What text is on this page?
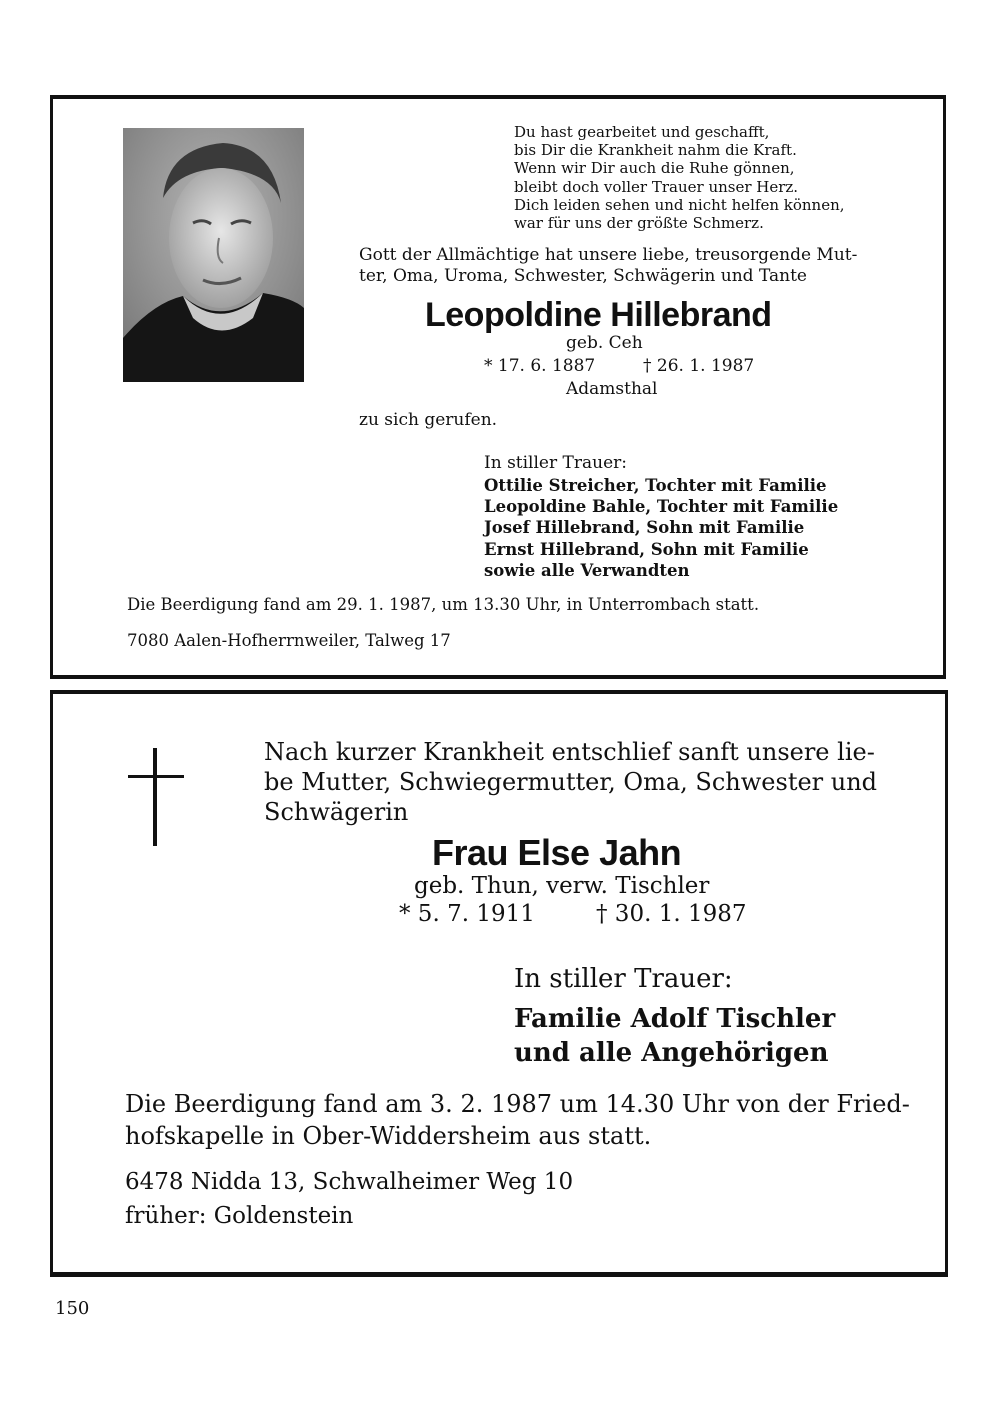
Du hast gearbeitet und geschafft,
bis Dir die Krankheit nahm die Kraft.
Wenn wir Dir auch die Ruhe gönnen,
bleibt doch voller Trauer unser Herz.
Dich leiden sehen und nicht helfen können,
war für uns der größte Schmerz.
Gott der Allmächtige hat unsere liebe, treusorgende Mut-
ter, Oma, Uroma, Schwester, Schwägerin und Tante
Leopoldine Hillebrand
geb. Ceh
* 17. 6. 1887	† 26. 1. 1987
Adamsthal
zu sich gerufen.
In stiller Trauer:
Ottilie Streicher, Tochter mit Familie
Leopoldine Bahle, Tochter mit Familie
Josef Hillebrand, Sohn mit Familie
Ernst Hillebrand, Sohn mit Familie
sowie alle Verwandten
Die Beerdigung fand am 29. 1. 1987, um 13.30 Uhr, in Unterrombach statt.
7080 Aalen-Hofherrnweiler, Talweg 17
Nach kurzer Krankheit entschlief sanft unsere lie-
be Mutter, Schwiegermutter, Oma, Schwester und
Schwägerin
Frau Else Jahn
geb. Thun, verw. Tischler
* 5. 7. 1911	† 30. 1. 1987
In stiller Trauer:
Familie Adolf Tischler
und alle Angehörigen
Die Beerdigung fand am 3. 2. 1987 um 14.30 Uhr von der Fried-
hofskapelle in Ober-Widdersheim aus statt.
6478 Nidda 13, Schwalheimer Weg 10
früher: Goldenstein
150
